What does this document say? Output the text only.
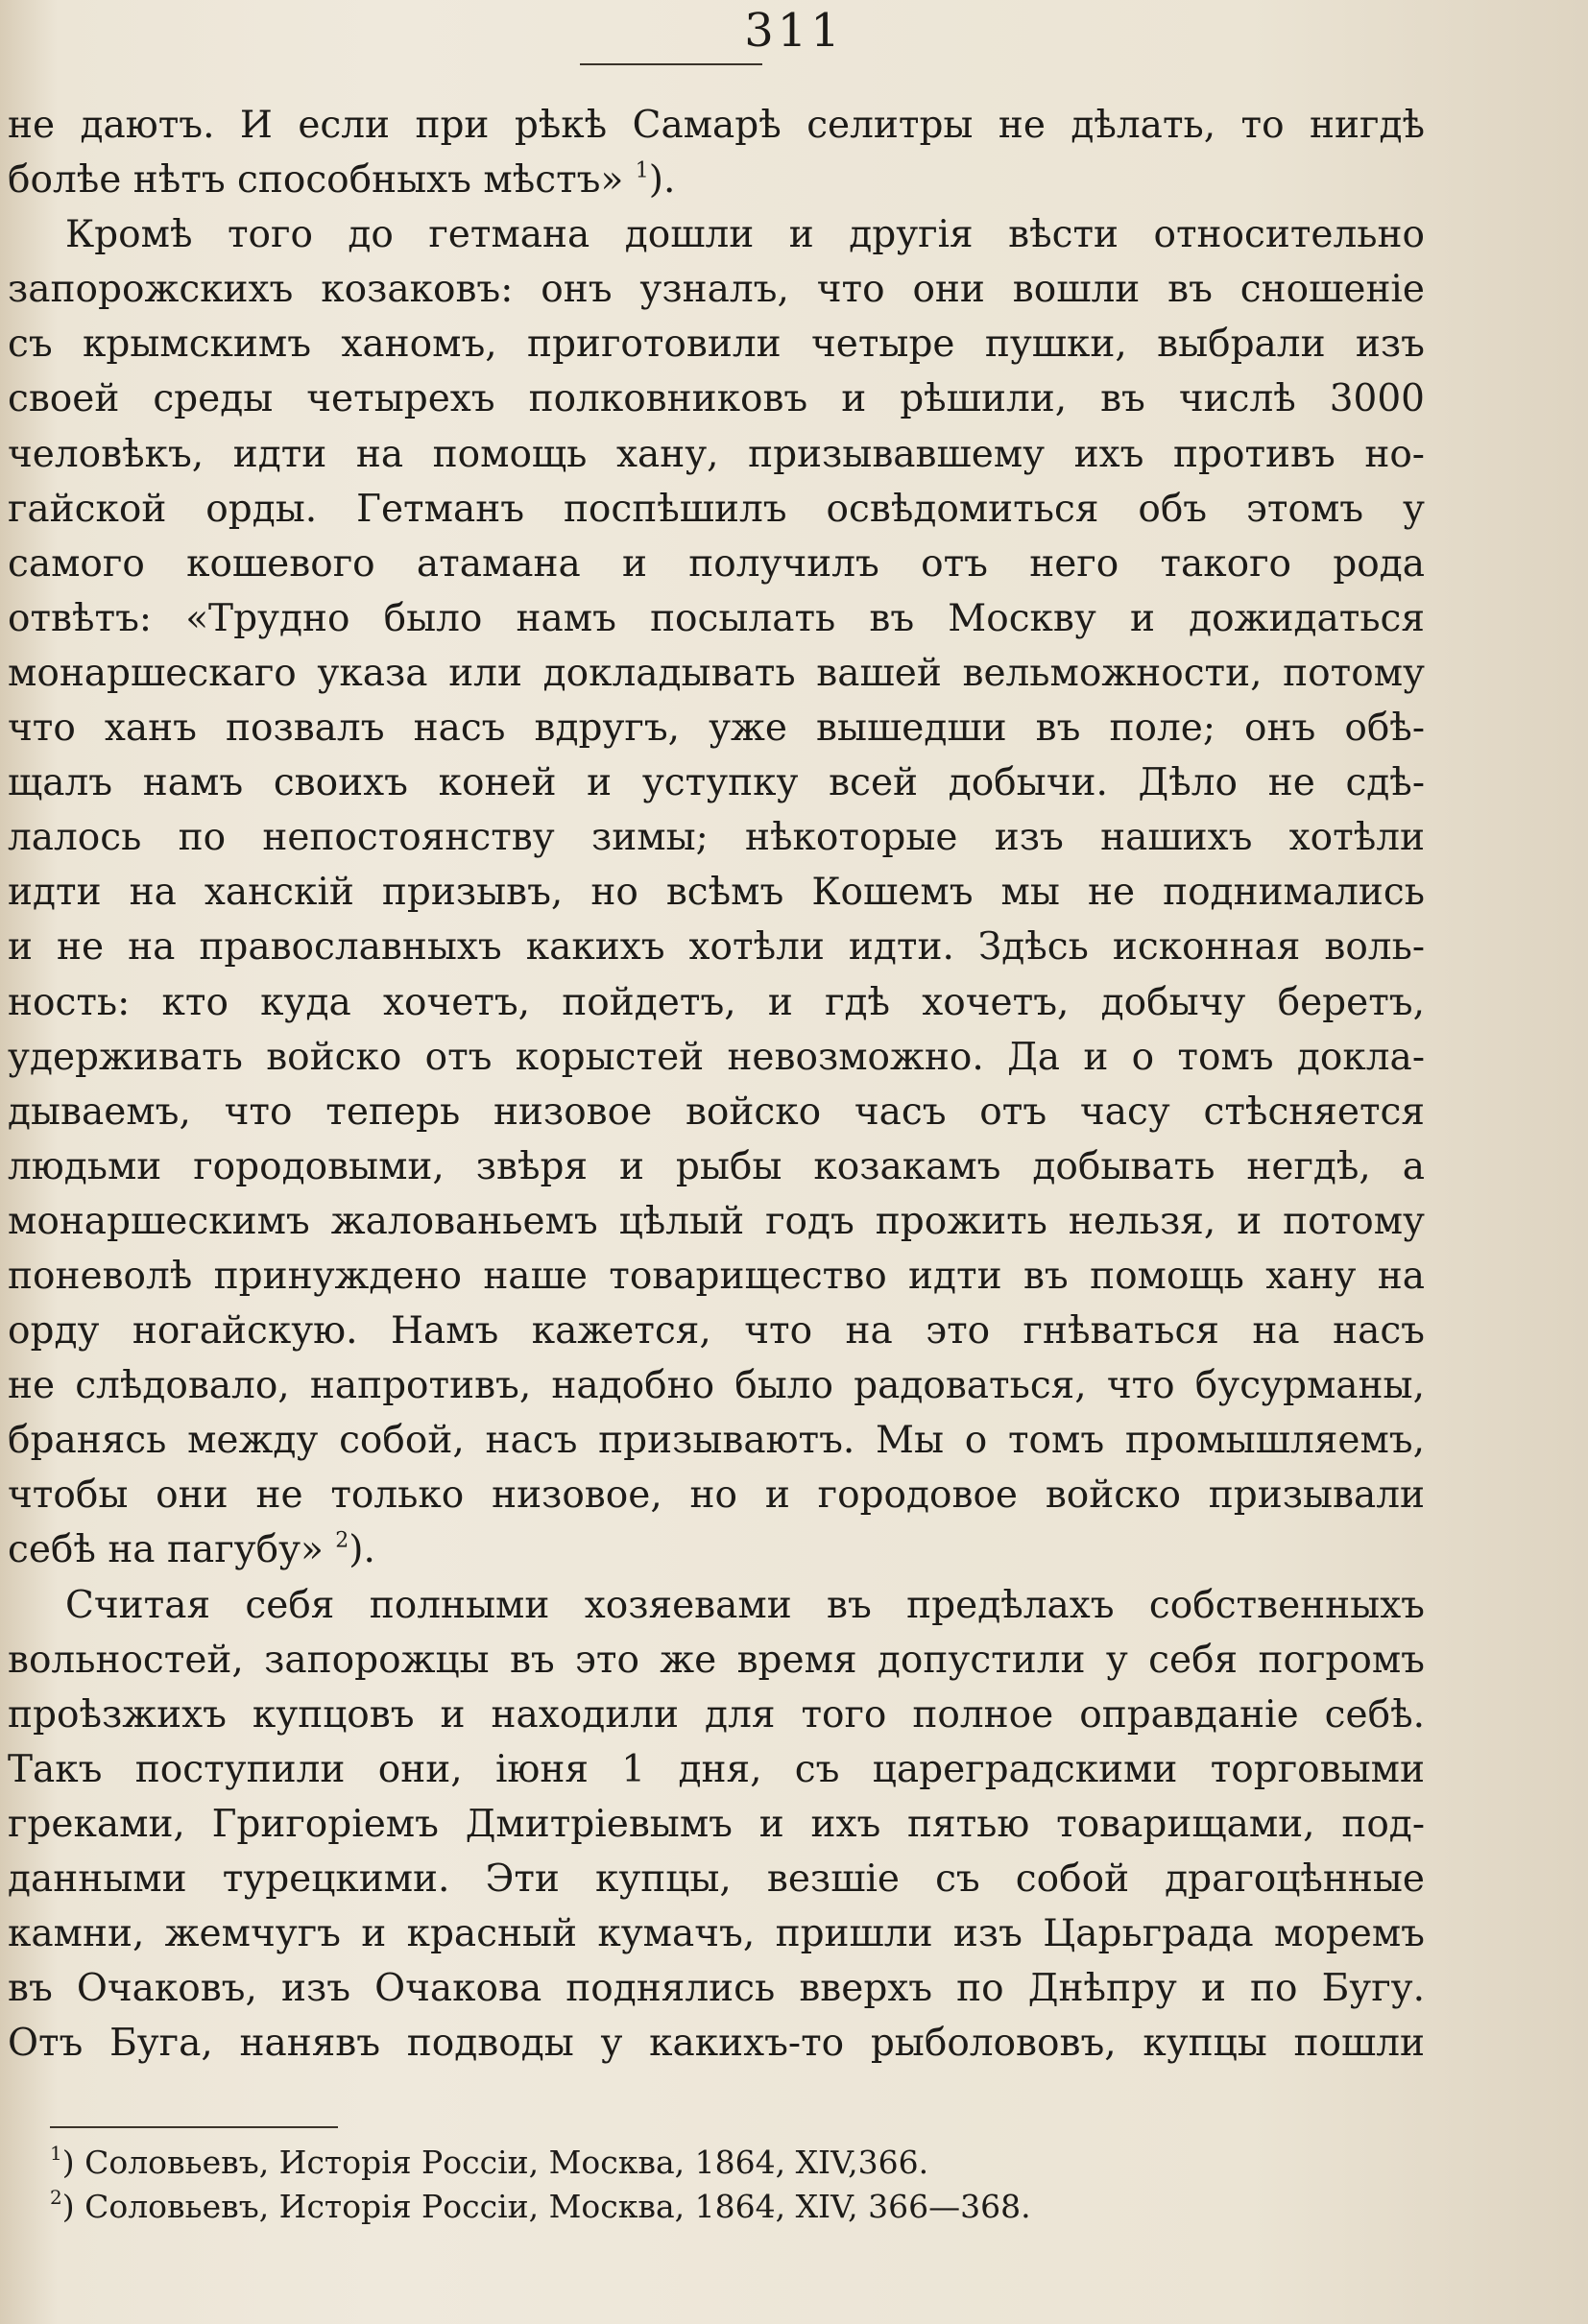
311
не даютъ. И если при рѣкѣ Самарѣ селитры не дѣлать, то нигдѣ
болѣе нѣтъ способныхъ мѣстъ» $^1$).
Кромѣ того до гетмана дошли и другія вѣсти относительно
запорожскихъ козаковъ: онъ узналъ, что они вошли въ сношеніе
съ крымскимъ ханомъ, приготовили четыре пушки, выбрали изъ
своей среды четырехъ полковниковъ и рѣшили, въ числѣ 3000
человѣкъ, идти на помощь хану, призывавшему ихъ противъ но-
гайской орды. Гетманъ поспѣшилъ освѣдомиться объ этомъ у
самого кошевого атамана и получилъ отъ него такого рода
отвѣтъ: «Трудно было намъ посылать въ Москву и дожидаться
монаршескаго указа или докладывать вашей вельможности, потому
что ханъ позвалъ насъ вдругъ, уже вышедши въ поле; онъ обѣ-
щалъ намъ своихъ коней и уступку всей добычи. Дѣло не сдѣ-
лалось по непостоянству зимы; нѣкоторые изъ нашихъ хотѣли
идти на ханскій призывъ, но всѣмъ Кошемъ мы не поднимались
и не на православныхъ какихъ хотѣли идти. Здѣсь исконная воль-
ность: кто куда хочетъ, пойдетъ, и гдѣ хочетъ, добычу беретъ,
удерживать войско отъ корыстей невозможно. Да и о томъ докла-
дываемъ, что теперь низовое войско часъ отъ часу стѣсняется
людьми городовыми, звѣря и рыбы козакамъ добывать негдѣ, а
монаршескимъ жалованьемъ цѣлый годъ прожить нельзя, и потому
поневолѣ принуждено наше товарищество идти въ помощь хану на
орду ногайскую. Намъ кажется, что на это гнѣваться на насъ
не слѣдовало, напротивъ, надобно было радоваться, что бусурманы,
бранясь между собой, насъ призываютъ. Мы о томъ промышляемъ,
чтобы они не только низовое, но и городовое войско призывали
себѣ на пагубу» $^2$).
Считая себя полными хозяевами въ предѣлахъ собственныхъ
вольностей, запорожцы въ это же время допустили у себя погромъ
проѣзжихъ купцовъ и находили для того полное оправданіе себѣ.
Такъ поступили они, іюня 1 дня, съ цареградскими торговыми
греками, Григоріемъ Дмитріевымъ и ихъ пятью товарищами, под-
данными турецкими. Эти купцы, везшіе съ собой драгоцѣнные
камни, жемчугъ и красный кумачъ, пришли изъ Царьграда моремъ
въ Очаковъ, изъ Очакова поднялись вверхъ по Днѣпру и по Бугу.
Отъ Буга, нанявъ подводы у какихъ-то рыболововъ, купцы пошли
$^1$) Соловьевъ, Исторія Россіи, Москва, 1864, XIV,366.
$^2$) Соловьевъ, Исторія Россіи, Москва, 1864, XIV, 366—368.
